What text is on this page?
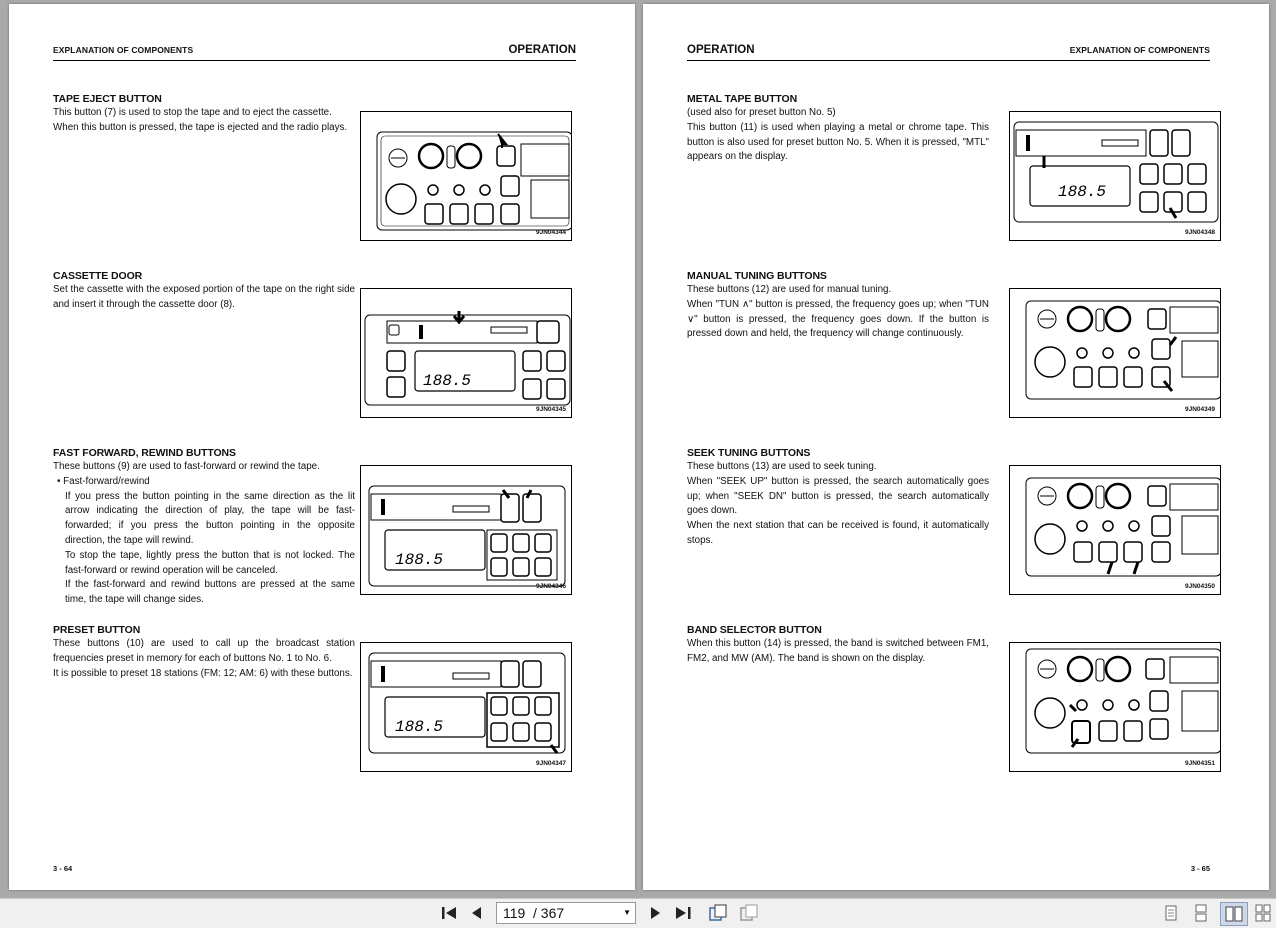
EXPLANATION OF COMPONENTS	OPERATION
TAPE EJECT BUTTON

This button (7) is used to stop the tape and to eject the cassette.

When this button is pressed, the tape is ejected and the radio plays.

9JN04344
CASSETTE DOOR

Set the cassette with the exposed portion of the tape on the right side and insert it through the cassette door (8).

188.5
9JN04345
FAST FORWARD, REWIND BUTTONS

These buttons (9) are used to fast-forward or rewind the tape.

• Fast-forward/rewind

If you press the button pointing in the same direction as the lit arrow indicating the direction of play, the tape will be fast-forwarded; if you press the button pointing in the opposite direction, the tape will rewind.

To stop the tape, lightly press the button that is not locked. The fast-forward or rewind operation will be canceled.

If the fast-forward and rewind buttons are pressed at the same time, the tape will change sides.

188.5
9JN04346
PRESET BUTTON

These buttons (10) are used to call up the broadcast station frequencies preset in memory for each of buttons No. 1 to No. 6.

It is possible to preset 18 stations (FM: 12; AM: 6) with these buttons.

188.5
9JN04347
3 - 64
OPERATION	EXPLANATION OF COMPONENTS
METAL TAPE BUTTON

(used also for preset button No. 5)

This button (11) is used when playing a metal or chrome tape. This button is also used for preset button No. 5. When it is pressed, "MTL" appears on the display.

188.5
9JN04348
MANUAL TUNING BUTTONS

These buttons (12) are used for manual tuning.

When "TUN ∧" button is pressed, the frequency goes up; when "TUN ∨" button is pressed, the frequency goes down. If the button is pressed down and held, the frequency will change continuously.

9JN04349
SEEK TUNING BUTTONS

These buttons (13) are used to seek tuning.

When "SEEK UP" button is pressed, the search automatically goes up; when "SEEK DN" button is pressed, the search automatically goes down.

When the next station that can be received is found, it automatically stops.

9JN04350
BAND SELECTOR BUTTON

When this button (14) is pressed, the band is switched between FM1, FM2, and MW (AM). The band is shown on the display.

9JN04351
3 - 65
119 / 367	▼
